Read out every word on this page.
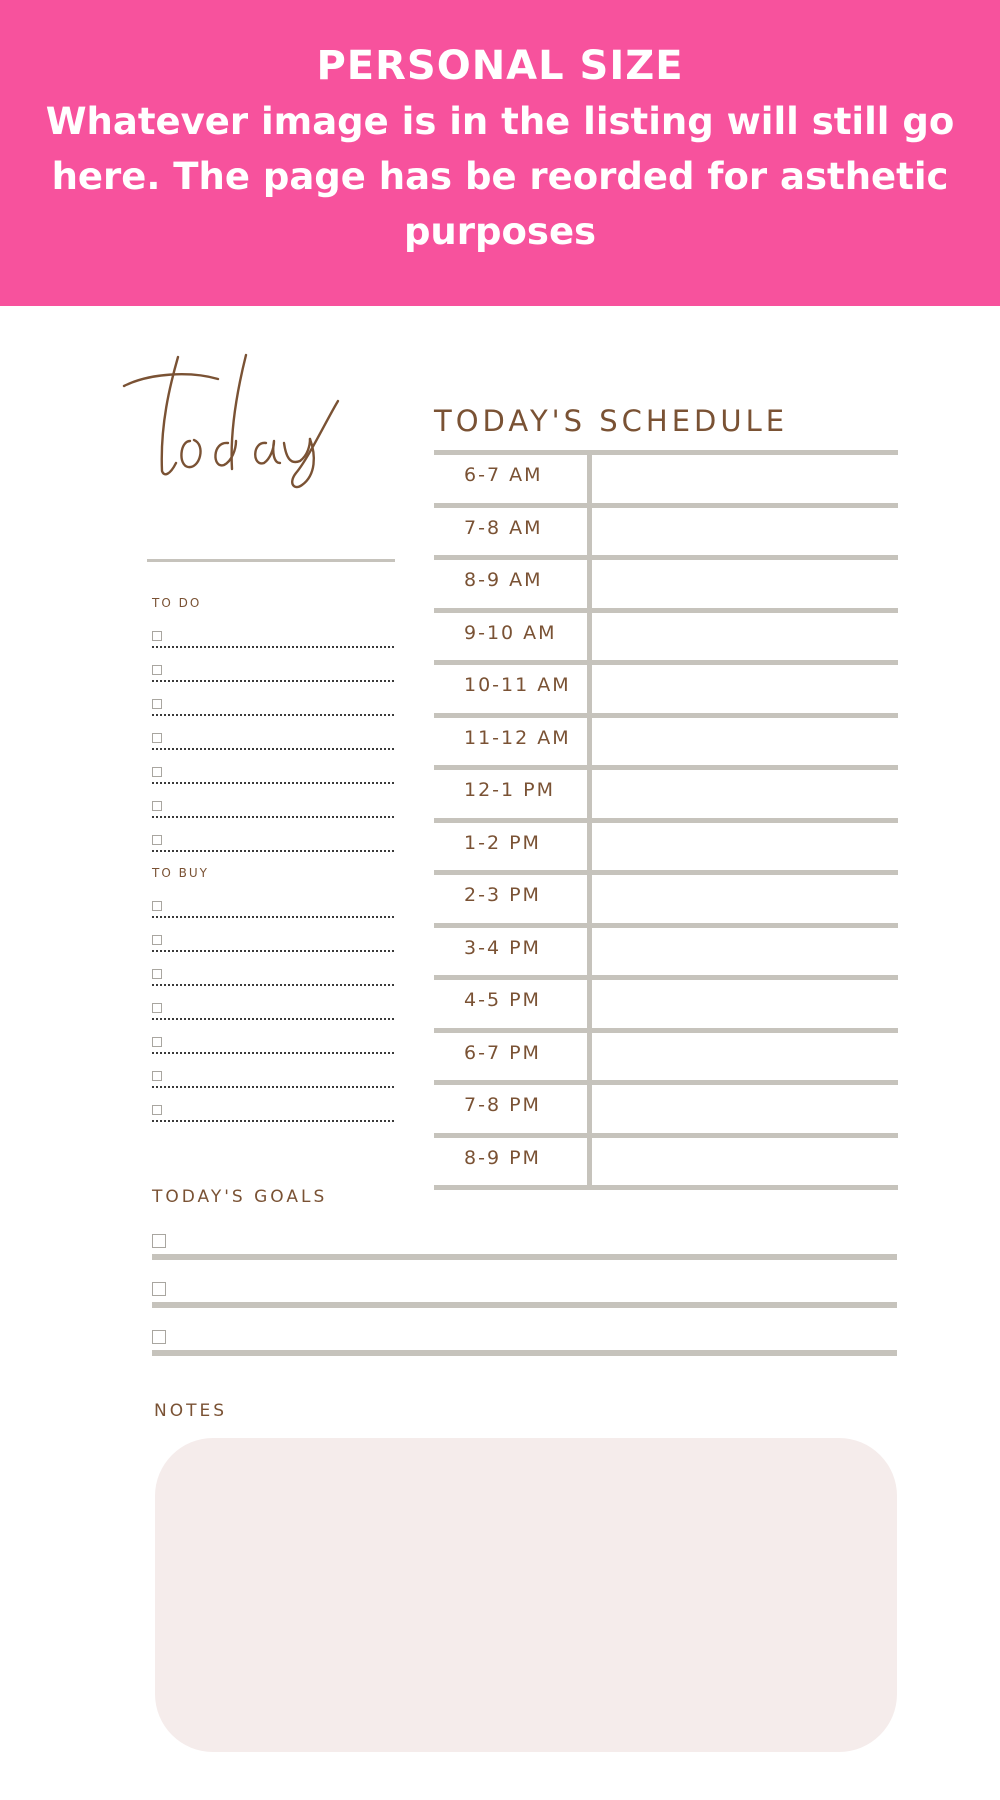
PERSONAL SIZE
Whatever image is in the listing will still go here. The page has be reorded for asthetic purposes
TO DO
TO BUY
TODAY'S SCHEDULE
6-7 AM
7-8 AM
8-9 AM
9-10 AM
10-11 AM
11-12 AM
12-1 PM
1-2 PM
2-3 PM
3-4 PM
4-5 PM
6-7 PM
7-8 PM
8-9 PM
TODAY'S GOALS
NOTES
